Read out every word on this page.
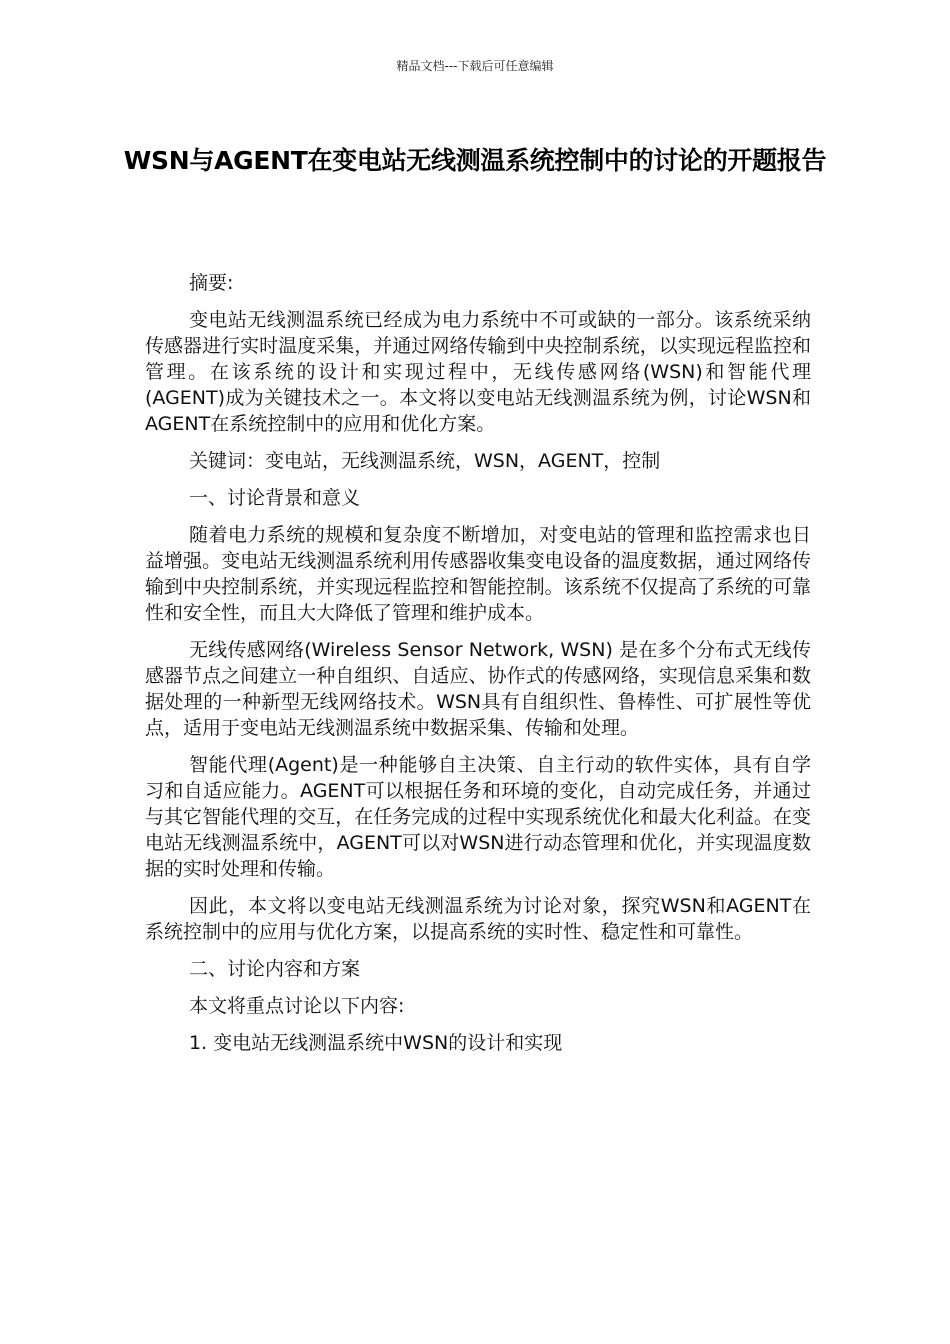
精品文档---下载后可任意编辑
WSN与AGENT在变电站无线测温系统控制中的讨论的开题报告

摘要:

变电站无线测温系统已经成为电力系统中不可或缺的一部分。该系统采纳传感器进行实时温度采集，并通过网络传输到中央控制系统，以实现远程监控和管理。在该系统的设计和实现过程中，无线传感网络(WSN)和智能代理(AGENT)成为关键技术之一。本文将以变电站无线测温系统为例，讨论WSN和AGENT在系统控制中的应用和优化方案。

关键词：变电站，无线测温系统，WSN，AGENT，控制

一、讨论背景和意义

随着电力系统的规模和复杂度不断增加，对变电站的管理和监控需求也日益增强。变电站无线测温系统利用传感器收集变电设备的温度数据，通过网络传输到中央控制系统，并实现远程监控和智能控制。该系统不仅提高了系统的可靠性和安全性，而且大大降低了管理和维护成本。

无线传感网络(Wireless Sensor Network, WSN) 是在多个分布式无线传感器节点之间建立一种自组织、自适应、协作式的传感网络，实现信息采集和数据处理的一种新型无线网络技术。WSN具有自组织性、鲁棒性、可扩展性等优点，适用于变电站无线测温系统中数据采集、传输和处理。

智能代理(Agent)是一种能够自主决策、自主行动的软件实体，具有自学习和自适应能力。AGENT可以根据任务和环境的变化，自动完成任务，并通过与其它智能代理的交互，在任务完成的过程中实现系统优化和最大化利益。在变电站无线测温系统中，AGENT可以对WSN进行动态管理和优化，并实现温度数据的实时处理和传输。

因此，本文将以变电站无线测温系统为讨论对象，探究WSN和AGENT在系统控制中的应用与优化方案，以提高系统的实时性、稳定性和可靠性。

二、讨论内容和方案

本文将重点讨论以下内容:

1. 变电站无线测温系统中WSN的设计和实现
